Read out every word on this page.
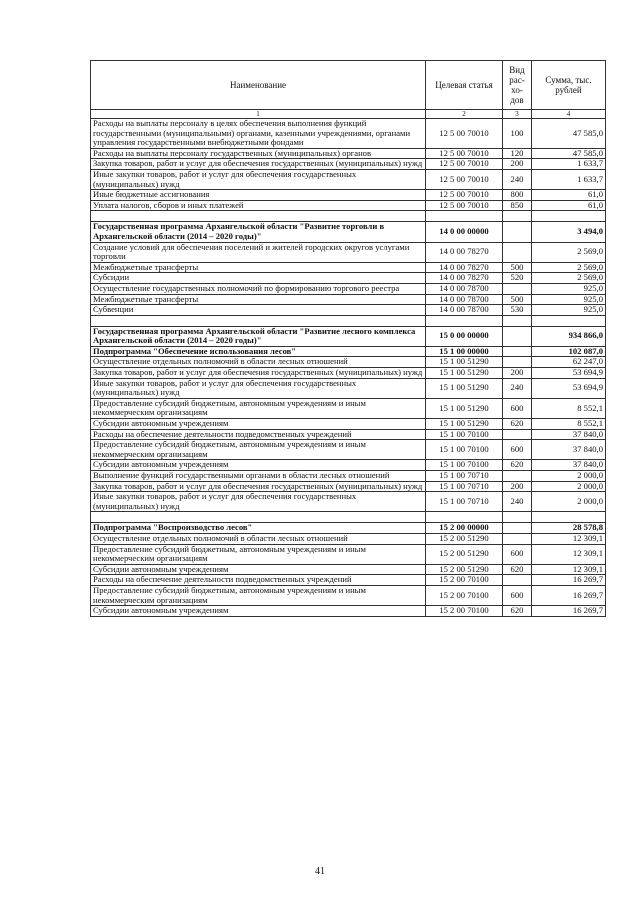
Наименование	Целевая статья	Вид рас- хо- дов	Сумма, тыс. рублей
1	2	3	4
Расходы на выплаты персоналу в целях обеспечения выполнения функций государственными (муниципальными) органами, казенными учреждениями, органами управления государственными внебюджетными фондами	12 5 00 70010	100	47 585,0
Расходы на выплаты персоналу государственных (муниципальных) органов	12 5 00 70010	120	47 585,0
Закупка товаров, работ и услуг для обеспечения государственных (муниципальных) нужд	12 5 00 70010	200	1 633,7
Иные закупки товаров, работ и услуг для обеспечения государственных (муниципальных) нужд	12 5 00 70010	240	1 633,7
Иные бюджетные ассигнования	12 5 00 70010	800	61,0
Уплата налогов, сборов и иных платежей	12 5 00 70010	850	61,0

Государственная программа Архангельской области "Развитие торговли в Архангельской области (2014 – 2020 годы)"	14 0 00 00000		3 494,0
Создание условий для обеспечения поселений и жителей городских округов услугами торговли	14 0 00 78270		2 569,0
Межбюджетные трансферты	14 0 00 78270	500	2 569,0
Субсидии	14 0 00 78270	520	2 569,0
Осуществление государственных полномочий по формированию торгового реестра	14 0 00 78700		925,0
Межбюджетные трансферты	14 0 00 78700	500	925,0
Субвенции	14 0 00 78700	530	925,0

Государственная программа Архангельской области "Развитие лесного комплекса Архангельской области (2014 – 2020 годы)"	15 0 00 00000		934 866,0
Подпрограмма "Обеспечение использования лесов"	15 1 00 00000		102 087,0
Осуществление отдельных полномочий в области лесных отношений	15 1 00 51290		62 247,0
Закупка товаров, работ и услуг для обеспечения государственных (муниципальных) нужд	15 1 00 51290	200	53 694,9
Иные закупки товаров, работ и услуг для обеспечения государственных (муниципальных) нужд	15 1 00 51290	240	53 694,9
Предоставление субсидий бюджетным, автономным учреждениям и иным некоммерческим организациям	15 1 00 51290	600	8 552,1
Субсидии автономным учреждениям	15 1 00 51290	620	8 552,1
Расходы на обеспечение деятельности подведомственных учреждений	15 1 00 70100		37 840,0
Предоставление субсидий бюджетным, автономным учреждениям и иным некоммерческим организациям	15 1 00 70100	600	37 840,0
Субсидии автономным учреждениям	15 1 00 70100	620	37 840,0
Выполнение функций государственными органами в области лесных отношений	15 1 00 70710		2 000,0
Закупка товаров, работ и услуг для обеспечения государственных (муниципальных) нужд	15 1 00 70710	200	2 000,0
Иные закупки товаров, работ и услуг для обеспечения государственных (муниципальных) нужд	15 1 00 70710	240	2 000,0

Подпрограмма "Воспроизводство лесов"	15 2 00 00000		28 578,8
Осуществление отдельных полномочий в области лесных отношений	15 2 00 51290		12 309,1
Предоставление субсидий бюджетным, автономным учреждениям и иным некоммерческим организациям	15 2 00 51290	600	12 309,1
Субсидии автономным учреждениям	15 2 00 51290	620	12 309,1
Расходы на обеспечение деятельности подведомственных учреждений	15 2 00 70100		16 269,7
Предоставление субсидий бюджетным, автономным учреждениям и иным некоммерческим организациям	15 2 00 70100	600	16 269,7
Субсидии автономным учреждениям	15 2 00 70100	620	16 269,7
41
